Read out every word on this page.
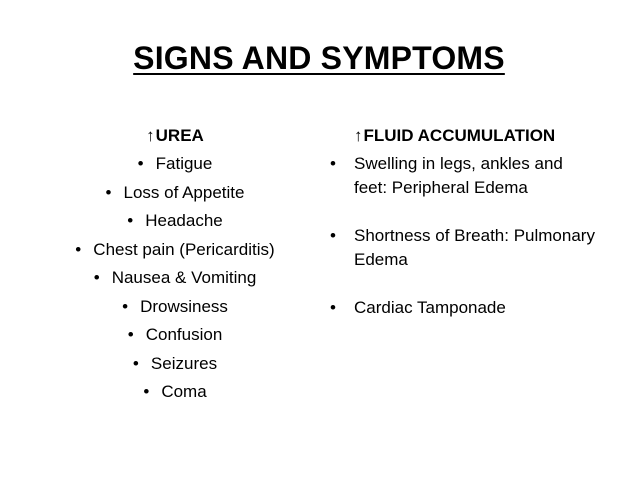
SIGNS AND SYMPTOMS
↑UREA
• Fatigue
• Loss of Appetite
• Headache
• Chest pain (Pericarditis)
• Nausea & Vomiting
• Drowsiness
• Confusion
• Seizures
• Coma
↑FLUID ACCUMULATION
• Swelling in legs, ankles and feet: Peripheral Edema
• Shortness of Breath: Pulmonary Edema
• Cardiac Tamponade
